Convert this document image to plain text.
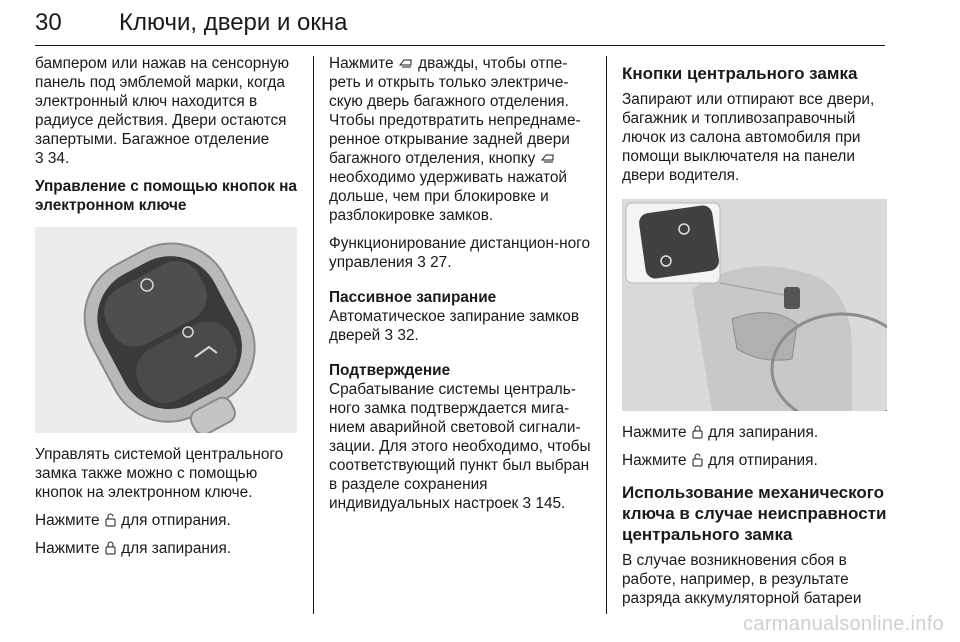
30 Ключи, двери и окна

бампером или нажав на сенсорную панель под эмблемой марки, когда электронный ключ находится в радиусе действия. Двери остаются запертыми. Багажное отделение
3 34.

Управление с помощью кнопок на электронном ключе

Управлять системой центрального замка также можно с помощью кнопок на электронном ключе.

Нажмите для отпирания.

Нажмите для запирания.

Нажмите дважды, чтобы отпе-реть и открыть только электриче-скую дверь багажного отделения. Чтобы предотвратить непреднаме-ренное открывание задней двери багажного отделения, кнопку  необходимо удерживать нажатой дольше, чем при блокировке и разблокировке замков.

Функционирование дистанцион-ного управления 3 27.

Пассивное запирание

Автоматическое запирание замков дверей 3 32.

Подтверждение

Срабатывание системы централь-ного замка подтверждается мига-нием аварийной световой сигнали-зации. Для этого необходимо, чтобы соответствующий пункт был выбран в разделе сохранения индивидуальных настроек 3 145.

Кнопки центрального замка

Запирают или отпирают все двери, багажник и топливозаправочный лючок из салона автомобиля при помощи выключателя на панели двери водителя.

Нажмите для запирания.

Нажмите для отпирания.

Использование механического ключа в случае неисправности центрального замка

В случае возникновения сбоя в работе, например, в результате разряда аккумуляторной батареи

carmanualsonline.info
